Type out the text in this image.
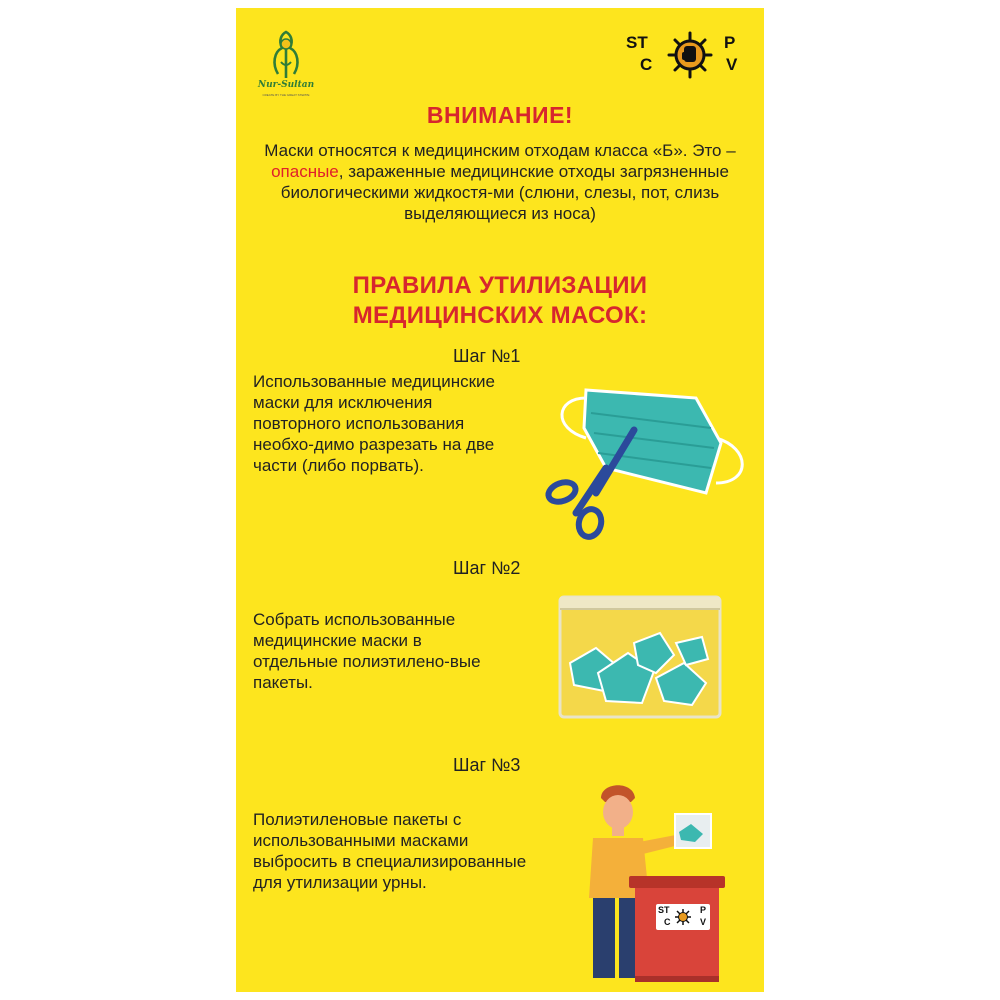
Nur-Sultan
CREATE BY THE GREAT STEPPE
ST	P
C	V
ВНИМАНИЕ!
Маски относятся к медицинским отходам класса «Б». Это – опасные, зараженные медицинские отходы загрязненные биологическими жидкостя-ми (слюни, слезы, пот, слизь выделяющиеся из носа)
ПРАВИЛА УТИЛИЗАЦИИ
МЕДИЦИНСКИХ МАСОК:
Шаг №1
Использованные медицинские маски для исключения повторного использования необхо-димо разрезать на две части (либо порвать).
Шаг №2
Собрать использованные медицинские маски в отдельные полиэтилено-вые пакеты.
Шаг №3
Полиэтиленовые пакеты с использованными масками выбросить в специализированные для утилизации урны.
ST	P
C	V
